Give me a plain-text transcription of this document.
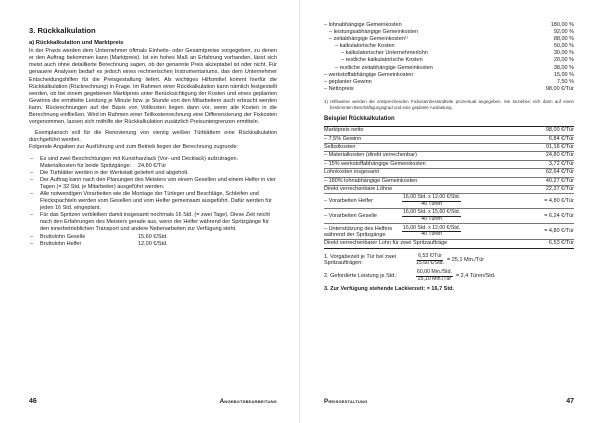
3. Rückkalkulation
a) Rückkalkulation und Marktpreis

In der Praxis werden dem Unternehmer oftmals Einheits- oder Gesamtpreise vorgegeben, zu denen er den Auftrag bekommen kann (Marktpreis). Ist ein hohes Maß an Erfahrung vorhanden, lässt sich meist auch ohne detaillierte Berechnung sagen, ob der genannte Preis akzeptabel ist oder nicht. Für genauere Analysen bedarf es jedoch eines rechnerischen Instrumentariums, das dem Unternehmer Entscheidungshilfen für die Preisgestaltung liefert. Als wichtiges Hilfsmittel kommt hierfür die Rückkalkulation (Rückrechnung) in Frage. Im Rahmen einer Rückkalkulation kann nämlich festgestellt werden, ob bei einem gegebenen Marktpreis unter Berücksichtigung der Kosten und eines geplanten Gewinns die ermittelte Leistung je Minute bzw. je Stunde von den Mitarbeitern auch erbracht werden kann. Rückrechnungen auf der Basis von Vollkosten liegen dann vor, wenn alle Kosten in die Berechnung einfließen. Wird im Rahmen einer Teilkostenrechnung eine Differenzierung der Fixkosten vorgenommen, lassen sich mithilfe der Rückkalkulation zusätzlich Preisuntergrenzen ermitteln.

Exemplarisch soll für die Renovierung von vierzig weißen Türblättern eine Rückkalkulation durchgeführt werden.

Folgende Angaben zur Ausführung und zum Betrieb liegen der Berechnung zugrunde:

– Es sind zwei Beschichtungen mit Kunstharzlack (Vor- und Decklack) aufzutragen.
Materialkosten für beide Spritzgänge:	24,80 €/Tür
– Die Türblätter werden in der Werkstatt geliefert und abgeholt.
– Der Auftrag kann nach den Planungen des Meisters von einem Gesellen und einem Helfer in vier Tagen (= 32 Std. je Mitarbeiter) ausgeführt werden.
– Alle notwendigen Vorarbeiten wie die Montage der Türleger und Beschläge, Schleifen und Fleckspachteln werden vom Gesellen und vom Helfer gemeinsam ausgeführt. Dafür werden für jeden 16 Std. eingeplant.
– Für das Spritzen verbleiben damit insgesamt nochmals 16 Std. (= zwei Tage). Diese Zeit reicht nach den Erfahrungen des Meisters gerade aus, wenn der Helfer während der Spritzgänge für den innerbetrieblichen Transport und andere Nebenarbeiten zur Verfügung steht.
– Bruttolohn Geselle	15,60 €/Std.
– Bruttolohn Helfer	12,00 €/Std.
46	Angebotsbearbeitung
– lohnabhängige Gemeinkosten	180,00 %
– leistungsabhängige Gemeinkosten	92,00 %
– zeitabhängige Gemeinkosten¹⁾	88,00 %
– kalkulatorische Kosten	50,00 %
– kalkulatorischer Unternehmerlohn	30,00 %
– restliche kalkulatorische Kosten	20,00 %
– restliche zeitabhängige Gemeinkosten	38,00 %
– werkstoffabhängige Gemeinkosten	15,00 %
– geplanter Gewinn	7,50 %
– Nettopreis	98,00 €/Tür

1) Hilfsweise werden die entsprechenden Fixkostenbestandteile prozentual angegeben. Sie beziehen sich dann auf einen bestimmten Beschäftigungsgrad und eine geplante Auslastung.

Beispiel Rückkalkulation
Marktpreis netto	98,00 €/Tür
– 7,5% Gewinn	6,84 €/Tür
Selbstkosten	91,16 €/Tür
– Materialkosten (direkt verrechenbar)	24,80 €/Tür
– 15% werkstoffabhängige Gemeinkosten	3,72 €/Tür
Lohnkosten insgesamt	62,64 €/Tür
– 180% lohnabhängige Gemeinkosten	40,27 €/Tür
Direkt verrechenbare Löhne	22,37 €/Tür
– Vorarbeiten Helfer	$\frac{\text{16,00 Std. x 12,00 €/Std.}}{\text{40 Türen}}$	= 4,80 €/Tür
– Vorarbeiten Geselle	$\frac{\text{16,00 Std. x 15,60 €/Std.}}{\text{40 Türen}}$	= 6,24 €/Tür
– Unterstützung des Helfers
während der Spritzgänge	$\frac{\text{16,00 Std. x 12,00 €/Std.}}{\text{40 Türen}}$	= 4,80 €/Tür
Direkt verrechenbarer Lohn für zwei Spritzaufträge	6,53 €/Tür
1. Vorgabezeit je Tür bei zwei
Spritzaufträgen:	$\frac{\text{6,53 €/Tür}}{\text{15,60 €/Std.}} = 25,1$ Min./Tür
2. Geforderte Leistung je Std.:	$\frac{\text{60,00 Min./Std.}}{\text{25,10 Min./Tür}} = 2,4$ Türen/Std.
3. Zur Verfügung stehende Lackierzeit: = 16,7 Std.
Preisgestaltung	47
